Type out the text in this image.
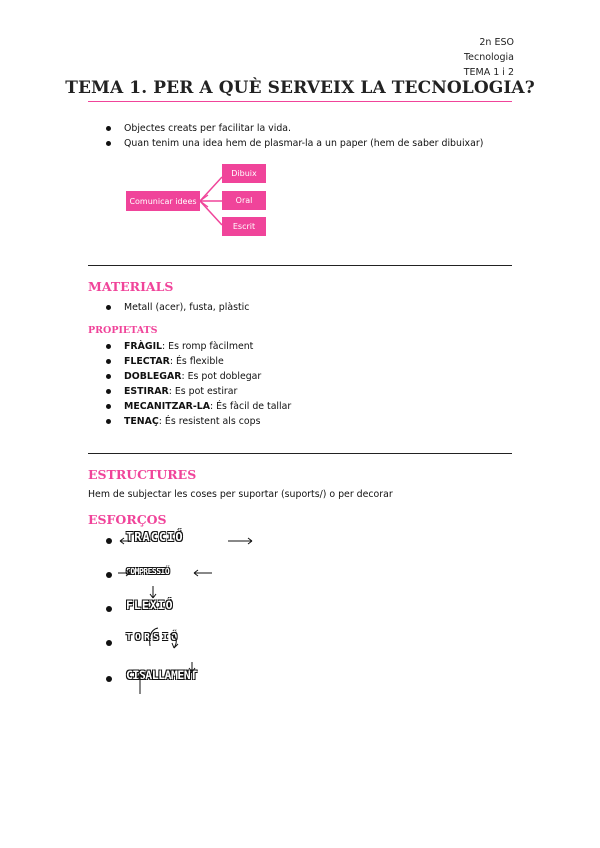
2n ESO
Tecnologia
TEMA 1 i 2
TEMA 1. PER A QUÈ SERVEIX LA TECNOLOGIA?
Objectes creats per facilitar la vida.
Quan tenim una idea hem de plasmar-la a un paper (hem de saber dibuixar)
Comunicar idees
Dibuix
Oral
Escrit
MATERIALS
Metall (acer), fusta, plàstic
PROPIETATS
FRÀGIL: Es romp fàcilment
FLECTAR: És flexible
DOBLEGAR: Es pot doblegar
ESTIRAR: Es pot estirar
MECANITZAR-LA: És fàcil de tallar
TENAÇ: És resistent als cops
ESTRUCTURES

Hem de subjectar les coses per suportar (suports/) o per decorar

ESFORÇOS
TRACCIÓ
COMPRESSIÓ
FLEXIÓ
TORSIÓ
CISALLAMENT
